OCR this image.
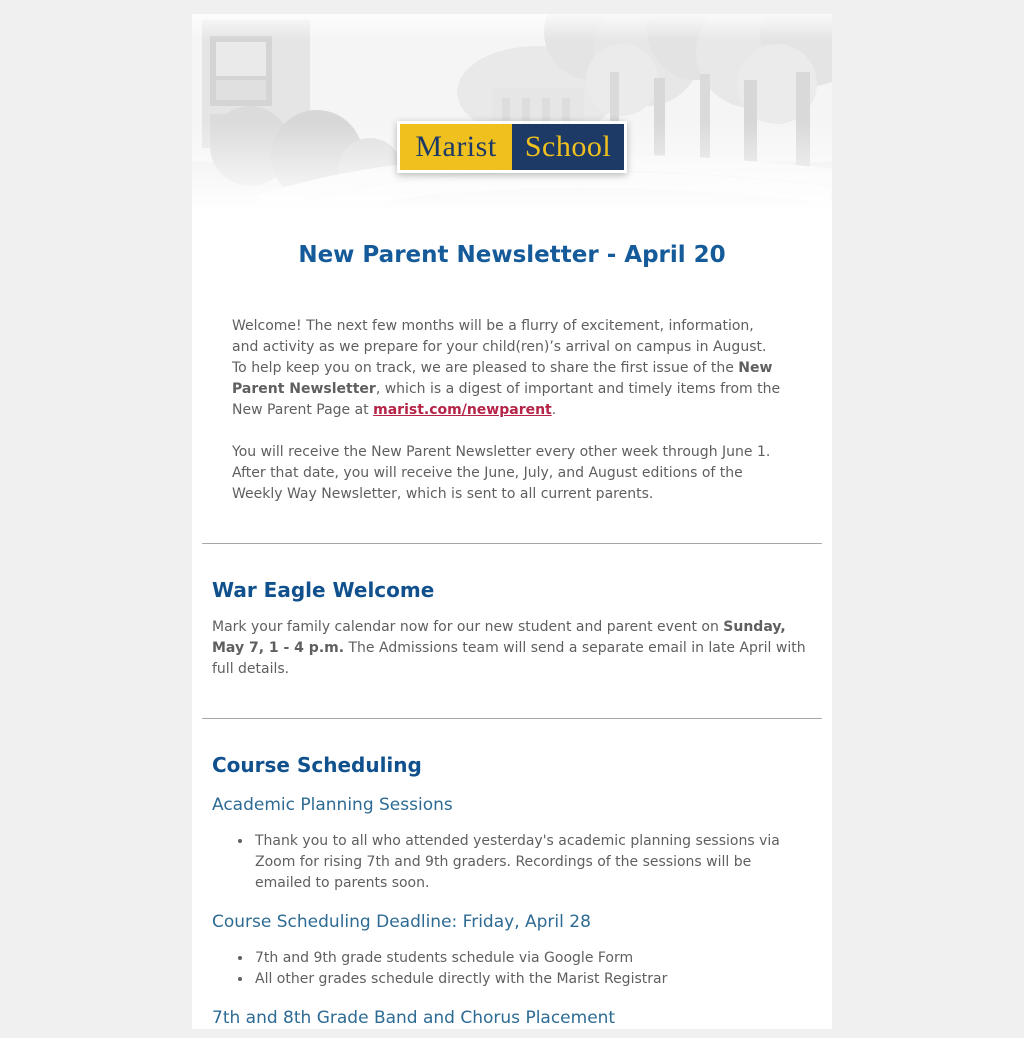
Marist School
New Parent Newsletter - April 20

Welcome! The next few months will be a flurry of excitement, information, and activity as we prepare for your child(ren)’s arrival on campus in August. To help keep you on track, we are pleased to share the first issue of the New Parent Newsletter, which is a digest of important and timely items from the New Parent Page at marist.com/newparent.

You will receive the New Parent Newsletter every other week through June 1. After that date, you will receive the June, July, and August editions of the Weekly Way Newsletter, which is sent to all current parents.

War Eagle Welcome

Mark your family calendar now for our new student and parent event on Sunday, May 7, 1 - 4 p.m. The Admissions team will send a separate email in late April with full details.

Course Scheduling
Academic Planning Sessions
• Thank you to all who attended yesterday's academic planning sessions via Zoom for rising 7th and 9th graders. Recordings of the sessions will be emailed to parents soon.
Course Scheduling Deadline: Friday, April 28
• 7th and 9th grade students schedule via Google Form
• All other grades schedule directly with the Marist Registrar
7th and 8th Grade Band and Chorus Placement
